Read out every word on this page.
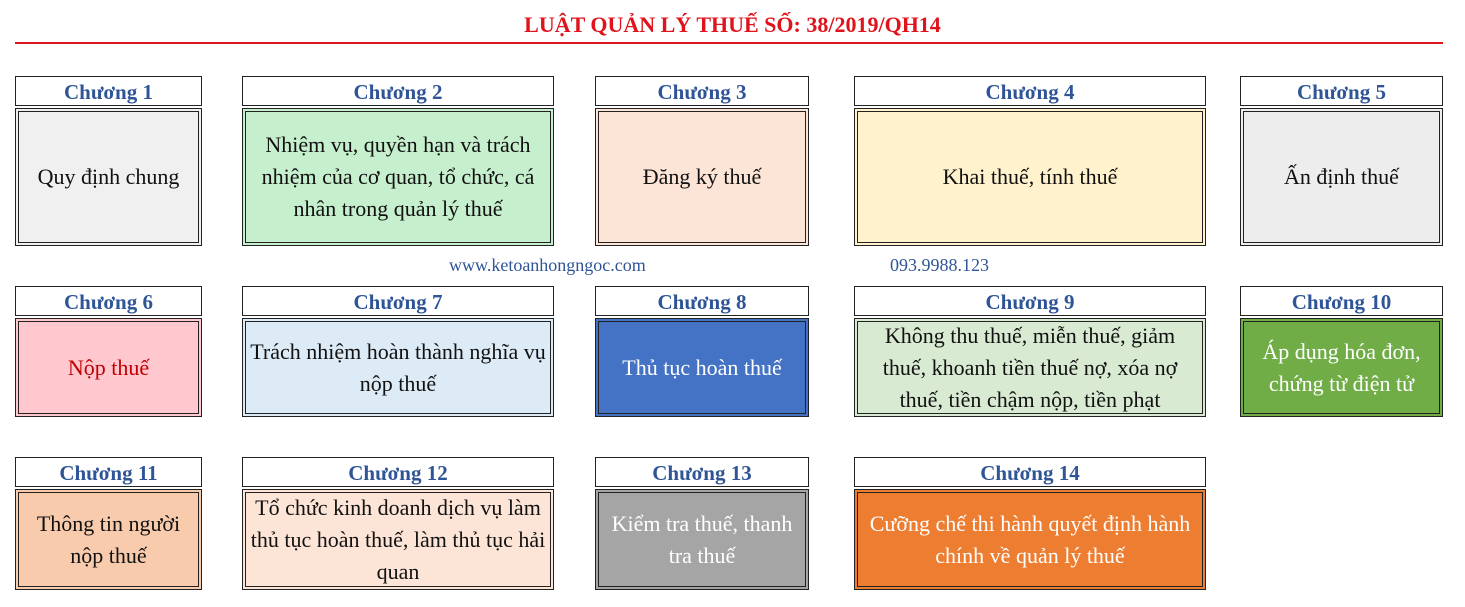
LUẬT QUẢN LÝ THUẾ SỐ: 38/2019/QH14
Chương 1
Quy định chung
Chương 2
Nhiệm vụ, quyền hạn và trách nhiệm của cơ quan, tổ chức, cá nhân trong quản lý thuế
Chương 3
Đăng ký thuế
Chương 4
Khai thuế, tính thuế
Chương 5
Ấn định thuế
www.ketoanhongngoc.com	093.9988.123
Chương 6
Nộp thuế
Chương 7
Trách nhiệm hoàn thành nghĩa vụ nộp thuế
Chương 8
Thủ tục hoàn thuế
Chương 9
Không thu thuế, miễn thuế, giảm thuế, khoanh tiền thuế nợ, xóa nợ thuế, tiền chậm nộp, tiền phạt
Chương 10
Áp dụng hóa đơn, chứng từ điện tử
Chương 11
Thông tin người nộp thuế
Chương 12
Tổ chức kinh doanh dịch vụ làm thủ tục hoàn thuế, làm thủ tục hải quan
Chương 13
Kiểm tra thuế, thanh tra thuế
Chương 14
Cưỡng chế thi hành quyết định hành chính về quản lý thuế
